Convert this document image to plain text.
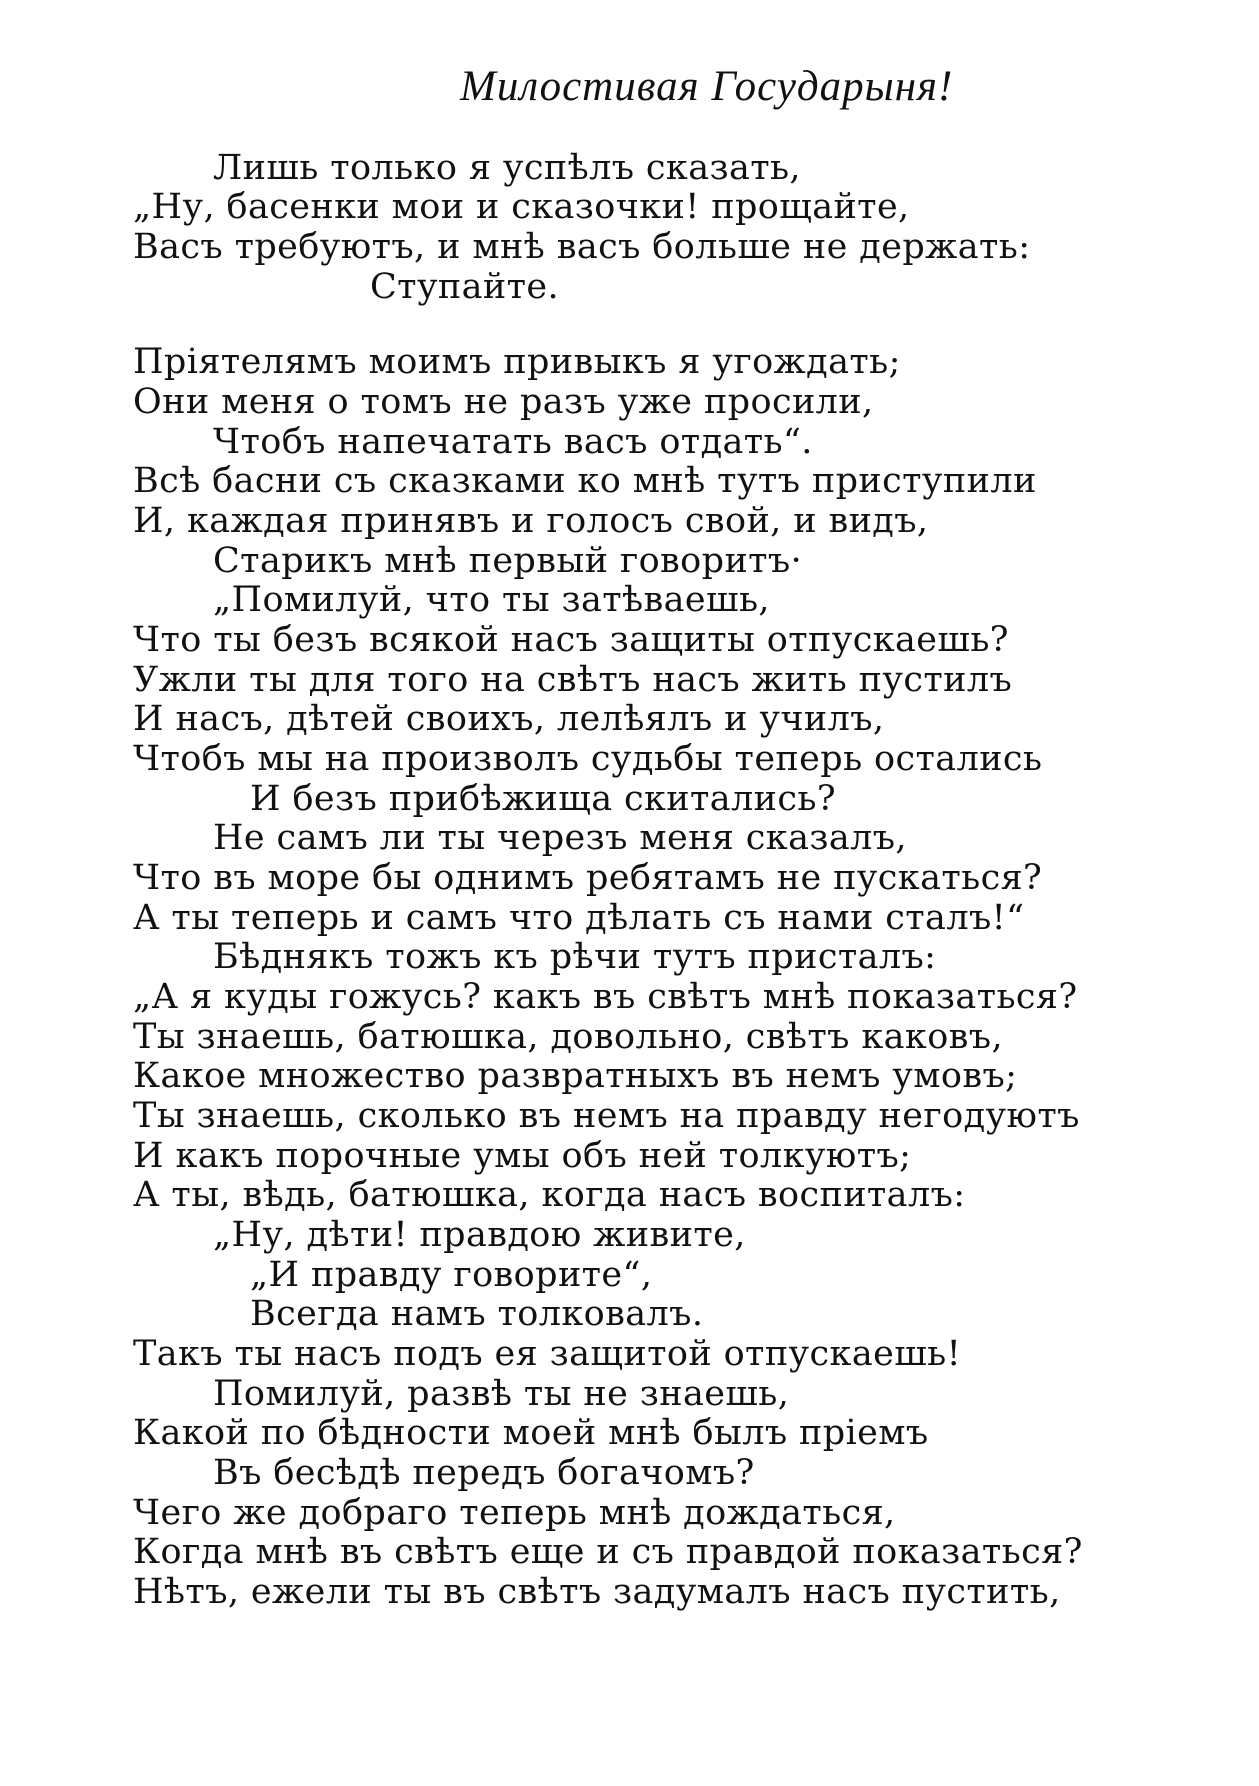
Милостивая Государыня!
Лишь только я успѣлъ сказать,
„Ну, басенки мои и сказочки! прощайте,
Васъ требуютъ, и мнѣ васъ больше не держать:
Ступайте.
Пріятелямъ моимъ привыкъ я угождать;
Они меня о томъ не разъ уже просили,
Чтобъ напечатать васъ отдать“.
Всѣ басни съ сказками ко мнѣ тутъ приступили
И, каждая принявъ и голосъ свой, и видъ,
Старикъ мнѣ первый говоритъ·
„Помилуй, что ты затѣваешь,
Что ты безъ всякой насъ защиты отпускаешь?
Ужли ты для того на свѣтъ насъ жить пустилъ
И насъ, дѣтей своихъ, лелѣялъ и училъ,
Чтобъ мы на произволъ судьбы теперь остались
И безъ прибѣжища скитались?
Не самъ ли ты черезъ меня сказалъ,
Что въ море бы однимъ ребятамъ не пускаться?
А ты теперь и самъ что дѣлать съ нами сталъ!“
Бѣднякъ тожъ къ рѣчи тутъ присталъ:
„А я куды гожусь? какъ въ свѣтъ мнѣ показаться?
Ты знаешь, батюшка, довольно, свѣтъ каковъ,
Какое множество развратныхъ въ немъ умовъ;
Ты знаешь, сколько въ немъ на правду негодуютъ
И какъ порочные умы объ ней толкуютъ;
А ты, вѣдь, батюшка, когда насъ воспиталъ:
„Ну, дѣти! правдою живите,
„И правду говорите“,
Всегда намъ толковалъ.
Такъ ты насъ подъ ея защитой отпускаешь!
Помилуй, развѣ ты не знаешь,
Какой по бѣдности моей мнѣ былъ пріемъ
Въ бесѣдѣ передъ богачомъ?
Чего же добраго теперь мнѣ дождаться,
Когда мнѣ въ свѣтъ еще и съ правдой показаться?
Нѣтъ, ежели ты въ свѣтъ задумалъ насъ пустить,
